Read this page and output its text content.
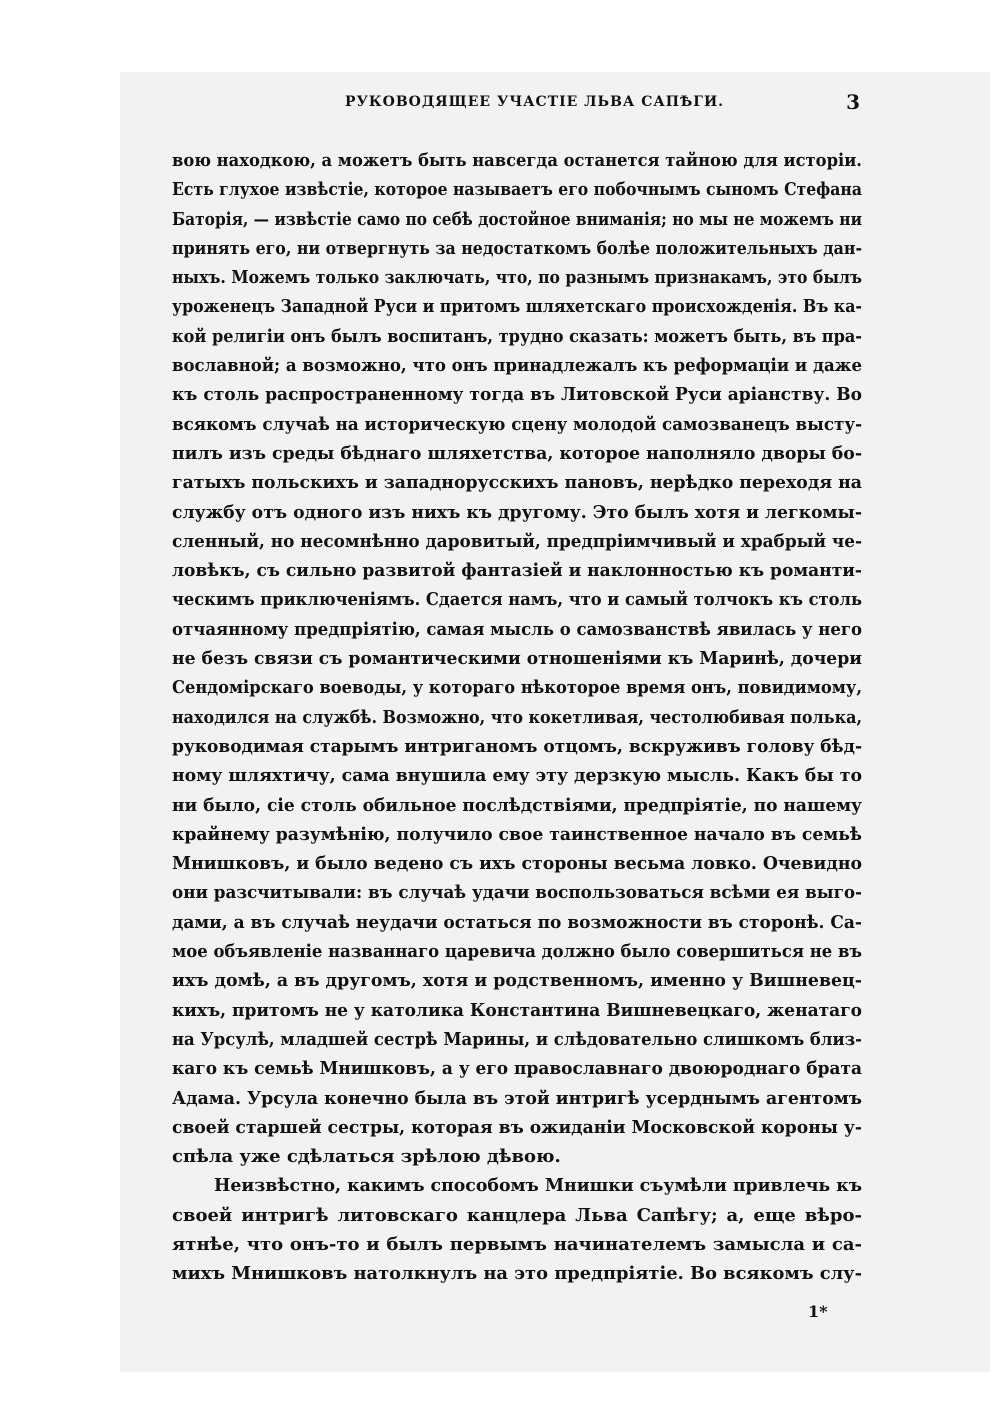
РУКОВОДЯЩЕЕ УЧАСТІЕ ЛЬВА САПѢГИ.	3
вою находкою, а можетъ быть навсегда останется тайною для исторіи.
Есть глухое извѣстіе, которое называетъ его побочнымъ сыномъ Стефана
Баторія, — извѣстіе само по себѣ достойное вниманія; но мы не можемъ ни
принять его, ни отвергнуть за недостаткомъ болѣе положительныхъ дан-
ныхъ. Можемъ только заключать, что, по разнымъ признакамъ, это былъ
уроженецъ Западной Руси и притомъ шляхетскаго происхожденія. Въ ка-
кой религіи онъ былъ воспитанъ, трудно сказать: можетъ быть, въ пра-
вославной; а возможно, что онъ принадлежалъ къ реформаціи и даже
къ столь распространенному тогда въ Литовской Руси аріанству. Во
всякомъ случаѣ на историческую сцену молодой самозванецъ высту-
пилъ изъ среды бѣднаго шляхетства, которое наполняло дворы бо-
гатыхъ польскихъ и западнорусскихъ пановъ, нерѣдко переходя на
службу отъ одного изъ нихъ къ другому. Это былъ хотя и легкомы-
сленный, но несомнѣнно даровитый, предпріимчивый и храбрый че-
ловѣкъ, съ сильно развитой фантазіей и наклонностью къ романти-
ческимъ приключеніямъ. Сдается намъ, что и самый толчокъ къ столь
отчаянному предпріятію, самая мысль о самозванствѣ явилась у него
не безъ связи съ романтическими отношеніями къ Маринѣ, дочери
Сендомірскаго воеводы, у котораго нѣкоторое время онъ, повидимому,
находился на службѣ. Возможно, что кокетливая, честолюбивая полька,
руководимая старымъ интриганомъ отцомъ, вскруживъ голову бѣд-
ному шляхтичу, сама внушила ему эту дерзкую мысль. Какъ бы то
ни было, сіе столь обильное послѣдствіями, предпріятіе, по нашему
крайнему разумѣнію, получило свое таинственное начало въ семьѣ
Мнишковъ, и было ведено съ ихъ стороны весьма ловко. Очевидно
они разсчитывали: въ случаѣ удачи воспользоваться всѣми ея выго-
дами, а въ случаѣ неудачи остаться по возможности въ сторонѣ. Са-
мое объявленіе названнаго царевича должно было совершиться не въ
ихъ домѣ, а въ другомъ, хотя и родственномъ, именно у Вишневец-
кихъ, притомъ не у католика Константина Вишневецкаго, женатаго
на Урсулѣ, младшей сестрѣ Марины, и слѣдовательно слишкомъ близ-
каго къ семьѣ Мнишковъ, а у его православнаго двоюроднаго брата
Адама. Урсула конечно была въ этой интригѣ усерднымъ агентомъ
своей старшей сестры, которая въ ожиданіи Московской короны у-
спѣла уже сдѣлаться зрѣлою дѣвою.
Неизвѣстно, какимъ способомъ Мнишки съумѣли привлечь къ
своей интригѣ литовскаго канцлера Льва Сапѣгу; а, еще вѣро-
ятнѣе, что онъ-то и былъ первымъ начинателемъ замысла и са-
михъ Мнишковъ натолкнулъ на это предпріятіе. Во всякомъ слу-
1*
